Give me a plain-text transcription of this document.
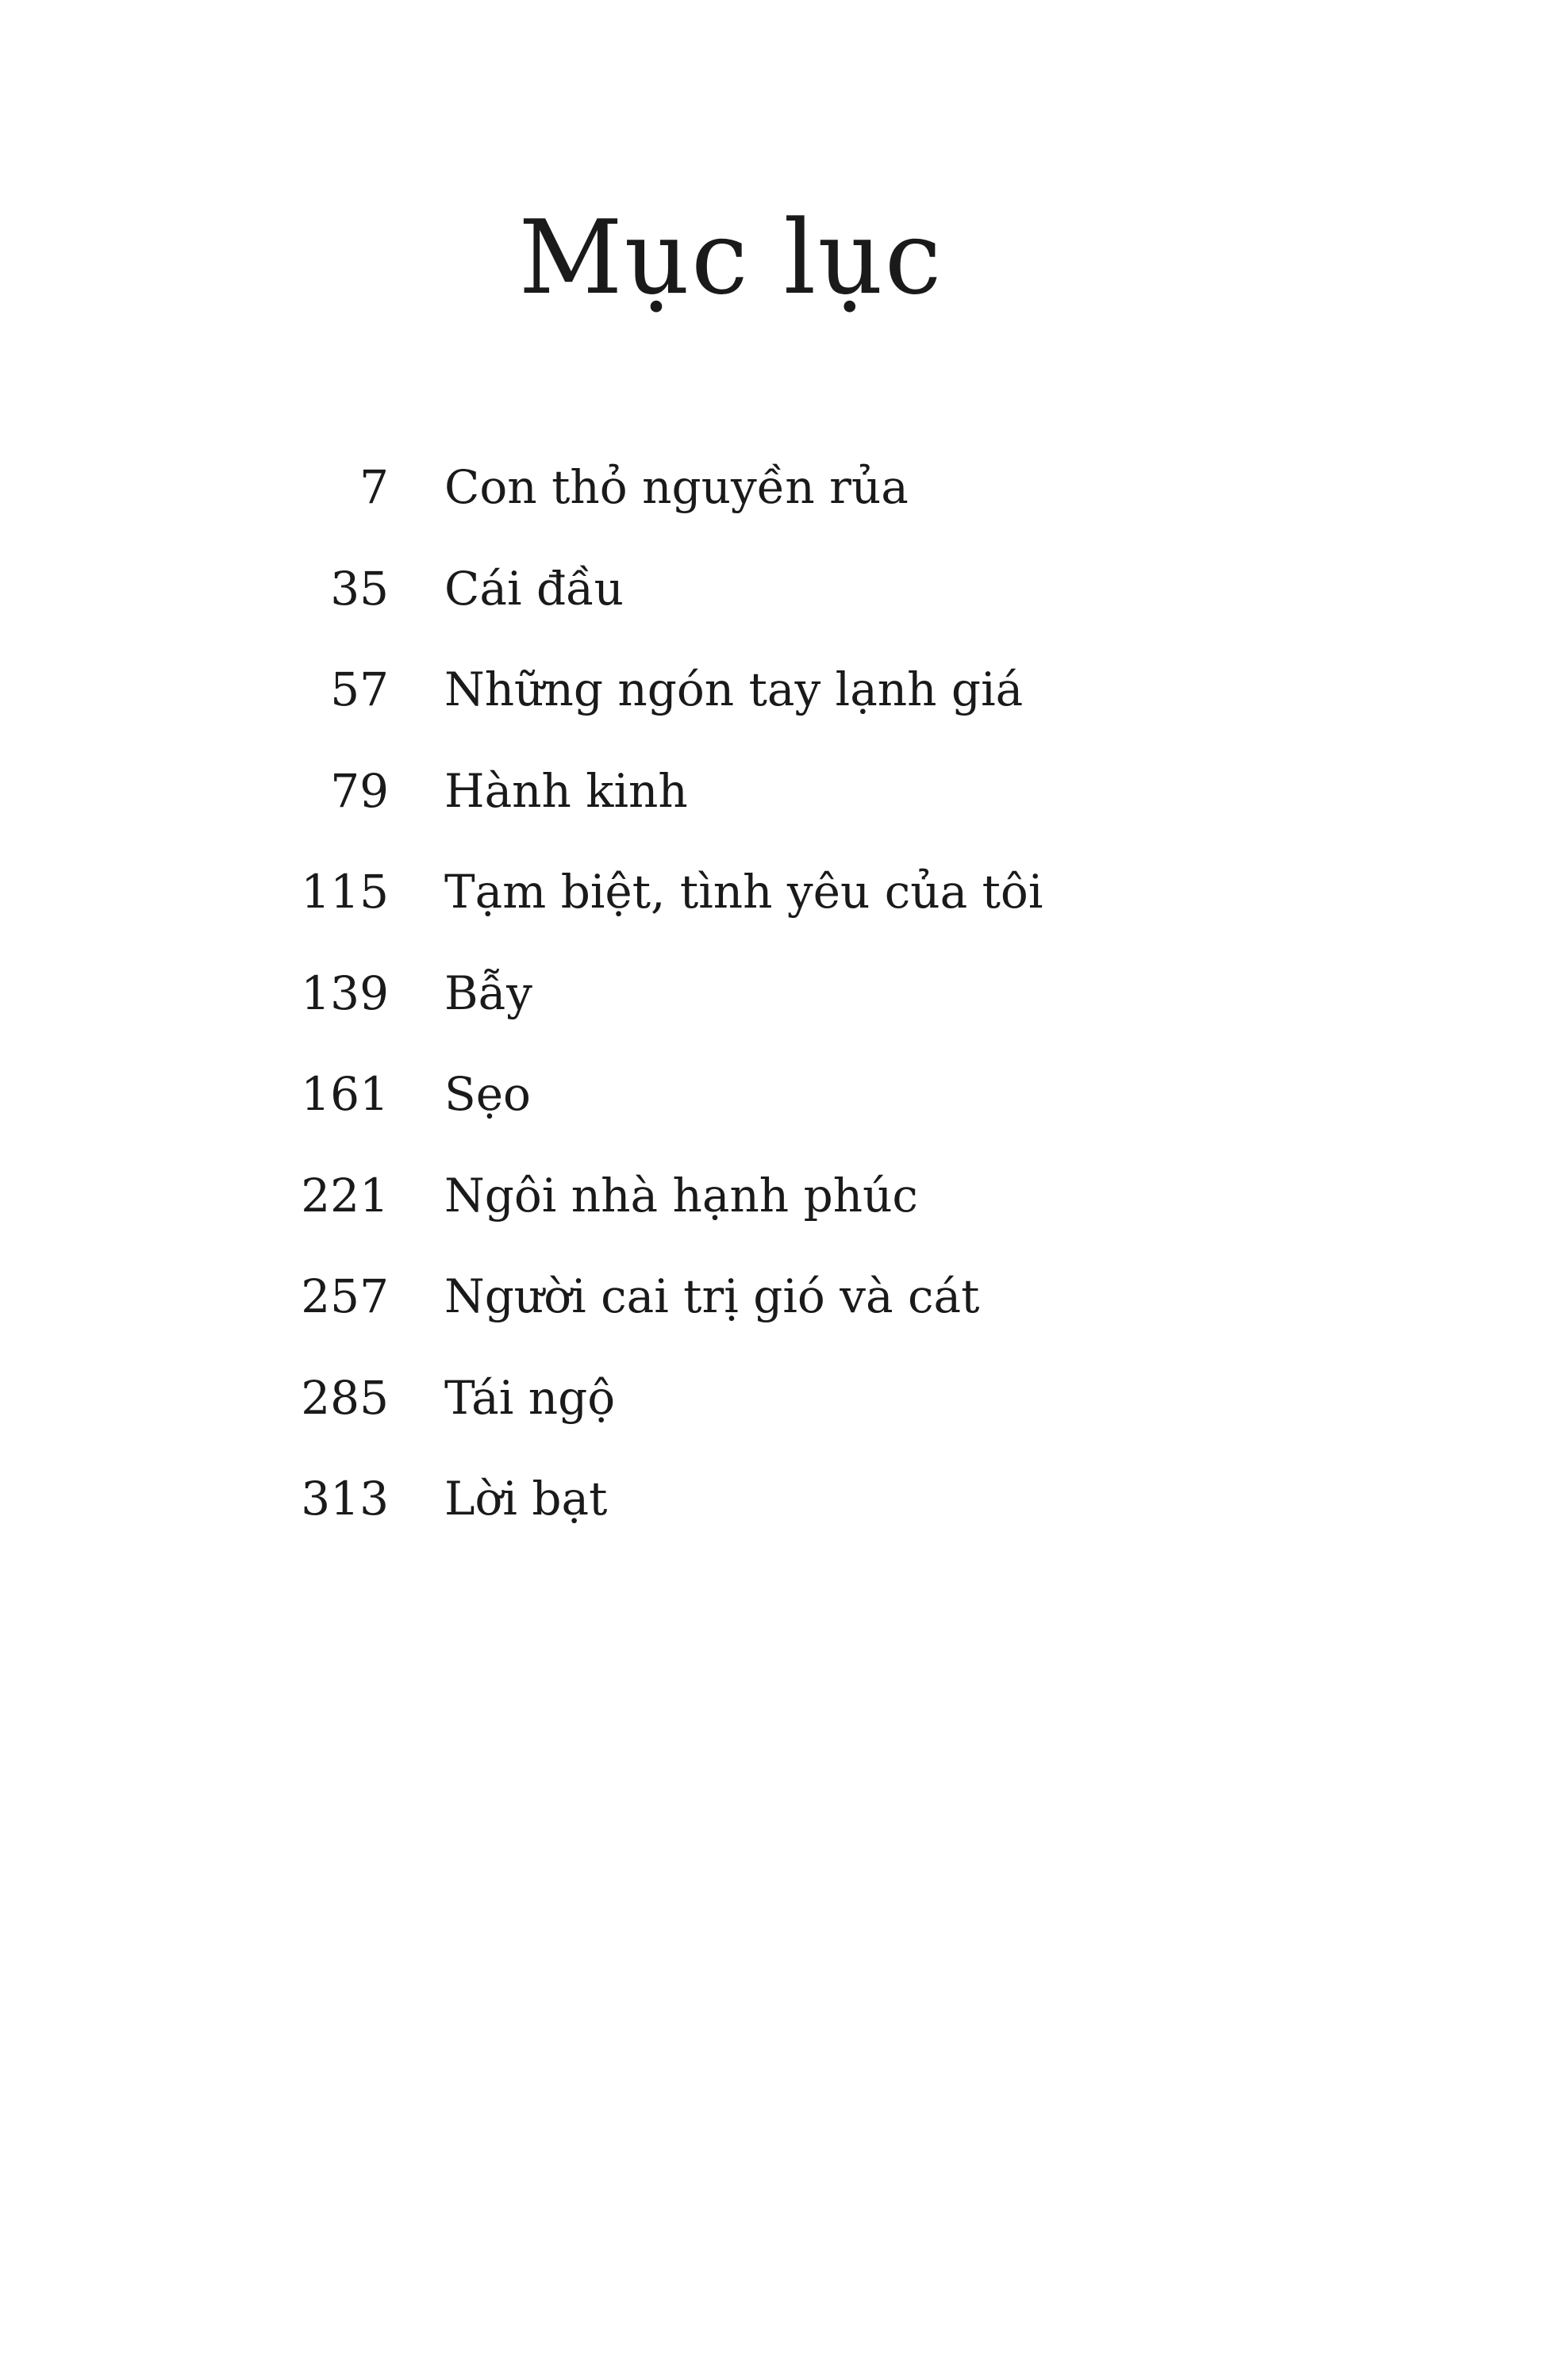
Mục lục
7	Con thỏ nguyền rủa
35	Cái đầu
57	Những ngón tay lạnh giá
79	Hành kinh
115	Tạm biệt, tình yêu của tôi
139	Bẫy
161	Sẹo
221	Ngôi nhà hạnh phúc
257	Người cai trị gió và cát
285	Tái ngộ
313	Lời bạt
